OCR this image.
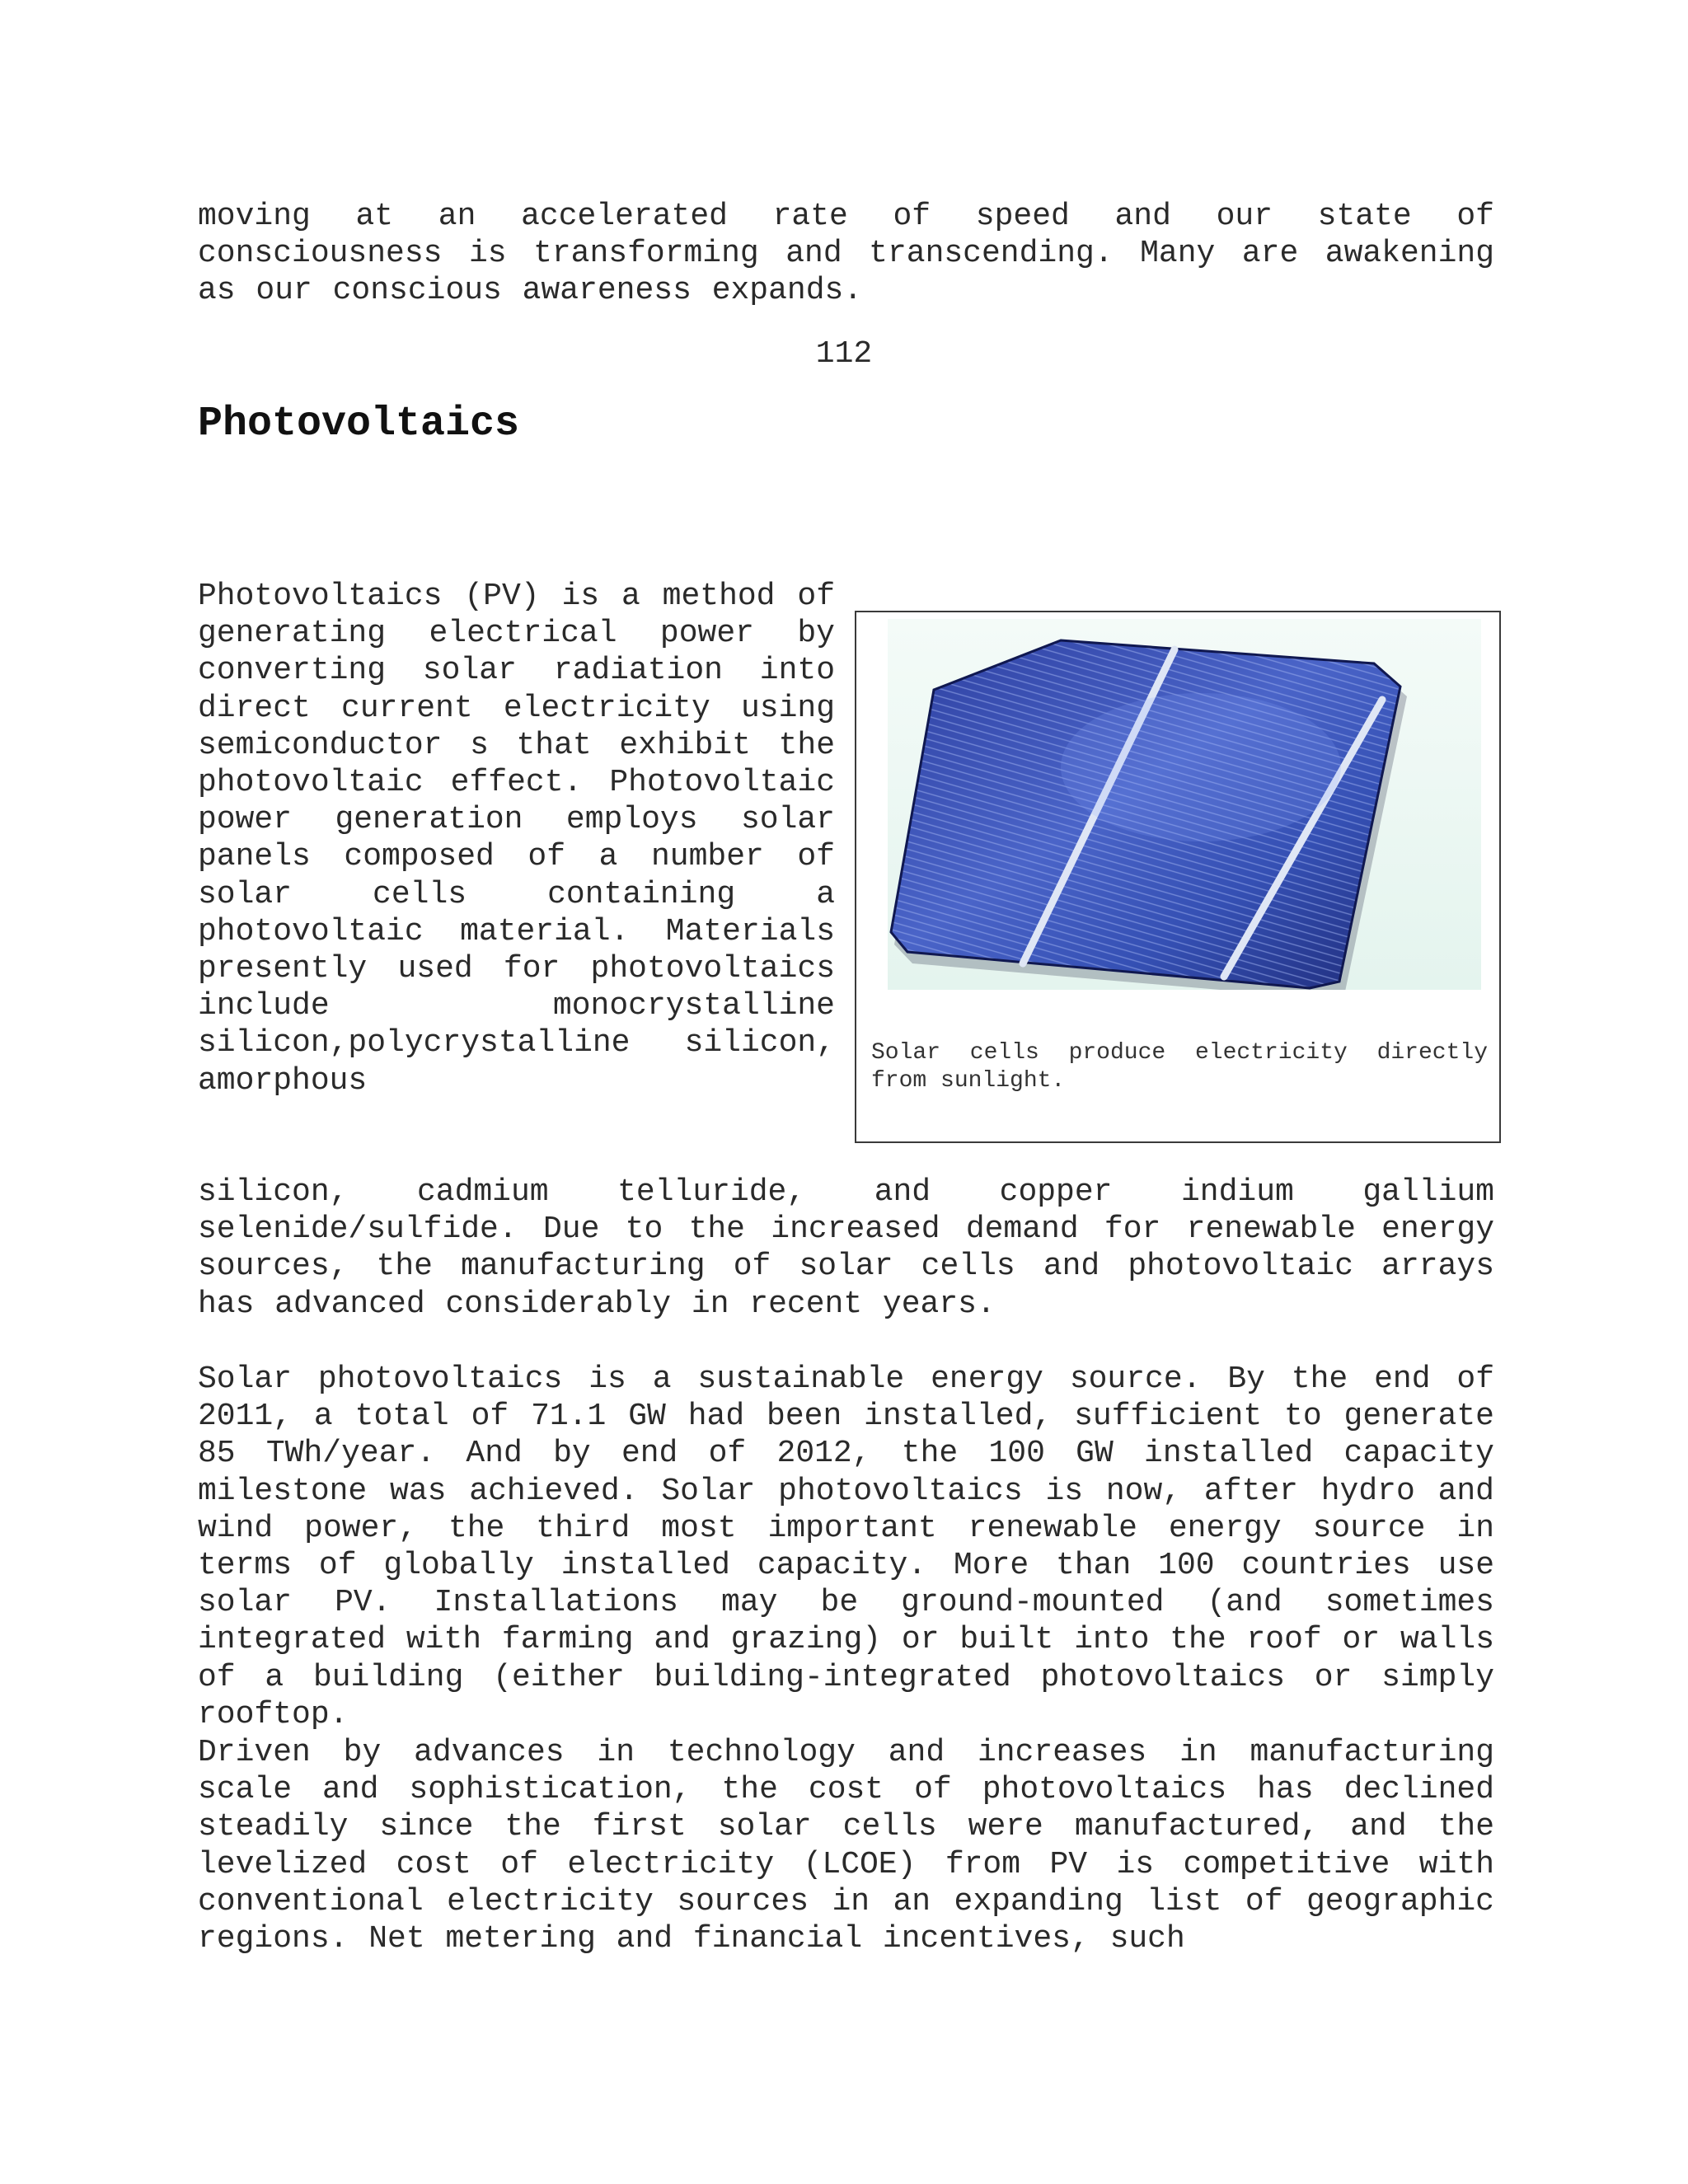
moving at an accelerated rate of speed and our state of consciousness is transforming and transcending. Many are awakening as our conscious awareness expands.

112
Photovoltaics

Photovoltaics (PV) is a method of generating electrical power by converting solar radiation into direct current electricity using semiconductor s that exhibit the photovoltaic effect. Photovoltaic power generation employs solar panels composed of a number of solar cells containing a photovoltaic material. Materials presently used for photovoltaics include monocrystalline silicon,polycrystalline silicon, amorphous

Solar cells produce electricity directly from sunlight.

silicon, cadmium telluride, and copper indium gallium selenide/sulfide. Due to the increased demand for renewable energy sources, the manufacturing of solar cells and photovoltaic arrays has advanced considerably in recent years.

Solar photovoltaics is a sustainable energy source. By the end of 2011, a total of 71.1 GW had been installed, sufficient to generate 85 TWh/year. And by end of 2012, the 100 GW installed capacity milestone was achieved. Solar photovoltaics is now, after hydro and wind power, the third most important renewable energy source in terms of globally installed capacity. More than 100 countries use solar PV. Installations may be ground-mounted (and sometimes integrated with farming and grazing) or built into the roof or walls of a building (either building-integrated photovoltaics or simply rooftop.

Driven by advances in technology and increases in manufacturing scale and sophistication, the cost of photovoltaics has declined steadily since the first solar cells were manufactured, and the levelized cost of electricity (LCOE) from PV is competitive with conventional electricity sources in an expanding list of geographic regions. Net metering and financial incentives, such
